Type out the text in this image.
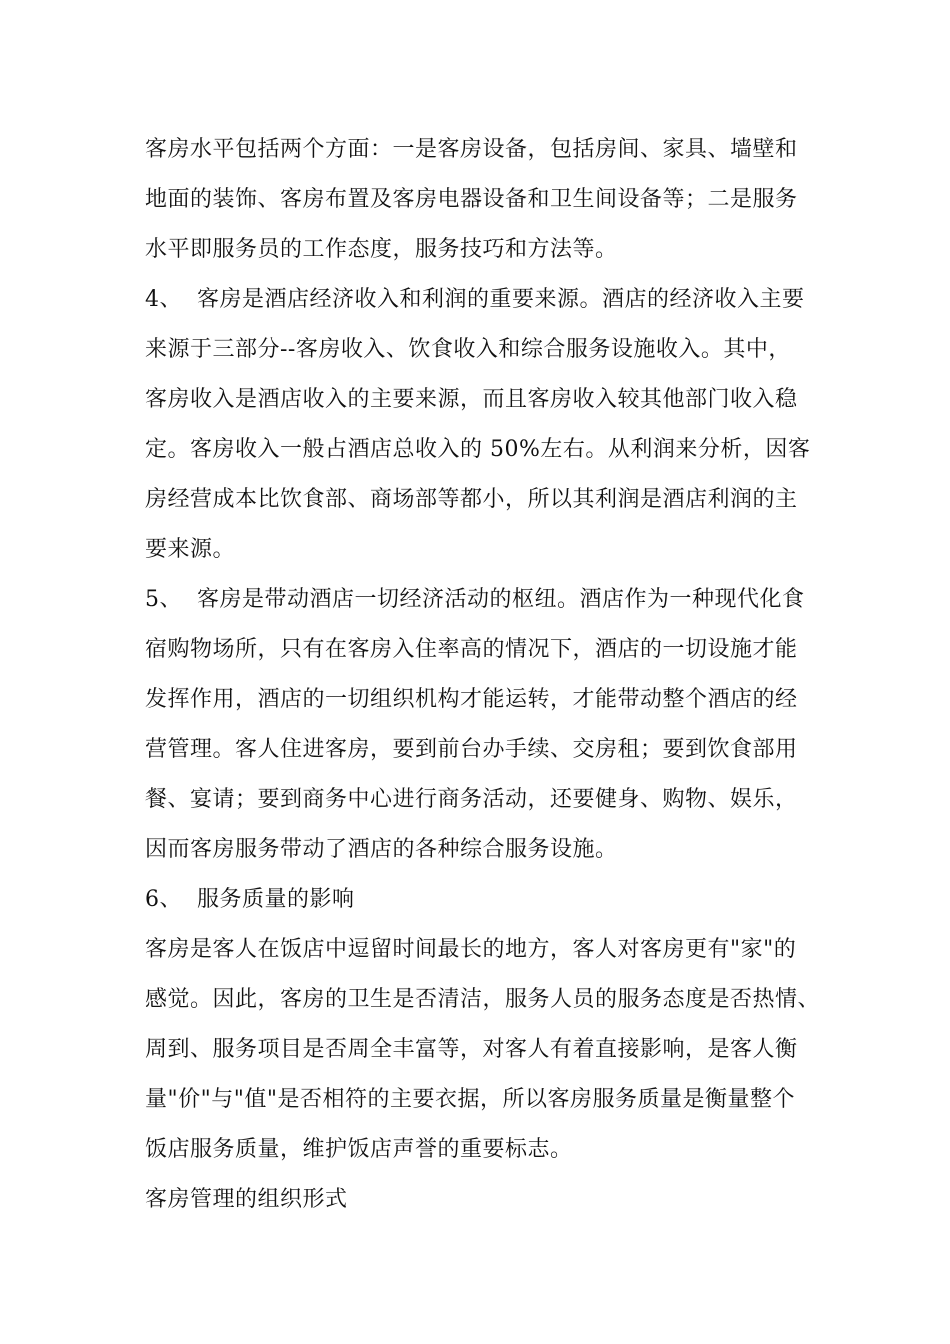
客房水平包括两个方面：一是客房设备，包括房间、家具、墙壁和
地面的装饰、客房布置及客房电器设备和卫生间设备等；二是服务
水平即服务员的工作态度，服务技巧和方法等。
4、  客房是酒店经济收入和利润的重要来源。酒店的经济收入主要
来源于三部分--客房收入、饮食收入和综合服务设施收入。其中，
客房收入是酒店收入的主要来源，而且客房收入较其他部门收入稳
定。客房收入一般占酒店总收入的 50%左右。从利润来分析，因客
房经营成本比饮食部、商场部等都小，所以其利润是酒店利润的主
要来源。
5、  客房是带动酒店一切经济活动的枢纽。酒店作为一种现代化食
宿购物场所，只有在客房入住率高的情况下，酒店的一切设施才能
发挥作用，酒店的一切组织机构才能运转，才能带动整个酒店的经
营管理。客人住进客房，要到前台办手续、交房租；要到饮食部用
餐、宴请；要到商务中心进行商务活动，还要健身、购物、娱乐，
因而客房服务带动了酒店的各种综合服务设施。
6、  服务质量的影响
客房是客人在饭店中逗留时间最长的地方，客人对客房更有"家"的
感觉。因此，客房的卫生是否清洁，服务人员的服务态度是否热情、
周到、服务项目是否周全丰富等，对客人有着直接影响，是客人衡
量"价"与"值"是否相符的主要衣据，所以客房服务质量是衡量整个
饭店服务质量，维护饭店声誉的重要标志。
客房管理的组织形式
